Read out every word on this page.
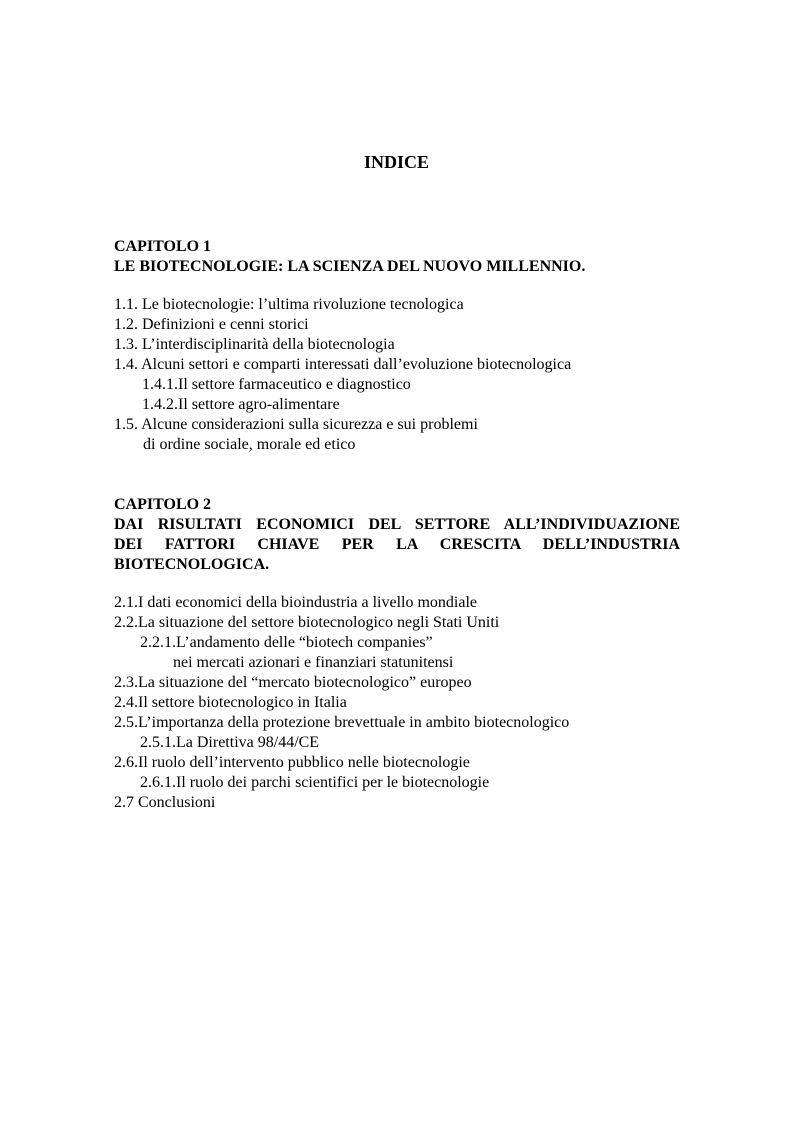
INDICE
CAPITOLO 1
LE BIOTECNOLOGIE: LA SCIENZA DEL NUOVO MILLENNIO.
1.1. Le biotecnologie: l’ultima rivoluzione tecnologica
1.2. Definizioni e cenni storici
1.3. L’interdisciplinarità della biotecnologia
1.4. Alcuni settori e comparti interessati dall’evoluzione biotecnologica
1.4.1.Il settore farmaceutico e diagnostico
1.4.2.Il settore agro-alimentare
1.5. Alcune considerazioni sulla sicurezza e sui problemi
di ordine sociale, morale ed etico
CAPITOLO 2
DAI RISULTATI ECONOMICI DEL SETTORE ALL’INDIVIDUAZIONE
DEI FATTORI CHIAVE PER LA CRESCITA DELL’INDUSTRIA
BIOTECNOLOGICA.
2.1.I dati economici della bioindustria a livello mondiale
2.2.La situazione del settore biotecnologico negli Stati Uniti
2.2.1.L’andamento delle “biotech companies”
nei mercati azionari e finanziari statunitensi
2.3.La situazione del “mercato biotecnologico” europeo
2.4.Il settore biotecnologico in Italia
2.5.L’importanza della protezione brevettuale in ambito biotecnologico
2.5.1.La Direttiva 98/44/CE
2.6.Il ruolo dell’intervento pubblico nelle biotecnologie
2.6.1.Il ruolo dei parchi scientifici per le biotecnologie
2.7 Conclusioni
